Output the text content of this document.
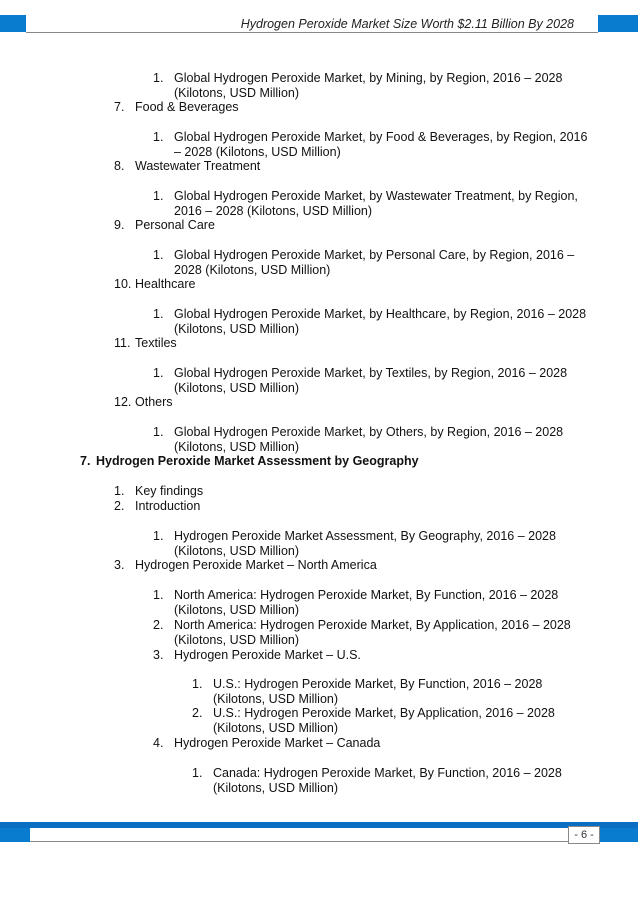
Hydrogen Peroxide Market Size Worth $2.11 Billion By 2028
1. Global Hydrogen Peroxide Market, by Mining, by Region, 2016 – 2028
(Kilotons, USD Million)
7. Food & Beverages
1. Global Hydrogen Peroxide Market, by Food & Beverages, by Region, 2016
– 2028 (Kilotons, USD Million)
8. Wastewater Treatment
1. Global Hydrogen Peroxide Market, by Wastewater Treatment, by Region,
2016 – 2028 (Kilotons, USD Million)
9. Personal Care
1. Global Hydrogen Peroxide Market, by Personal Care, by Region, 2016 –
2028 (Kilotons, USD Million)
10. Healthcare
1. Global Hydrogen Peroxide Market, by Healthcare, by Region, 2016 – 2028
(Kilotons, USD Million)
11. Textiles
1. Global Hydrogen Peroxide Market, by Textiles, by Region, 2016 – 2028
(Kilotons, USD Million)
12. Others
1. Global Hydrogen Peroxide Market, by Others, by Region, 2016 – 2028
(Kilotons, USD Million)
7. Hydrogen Peroxide Market Assessment by Geography
1. Key findings
2. Introduction
1. Hydrogen Peroxide Market Assessment, By Geography, 2016 – 2028
(Kilotons, USD Million)
3. Hydrogen Peroxide Market – North America
1. North America: Hydrogen Peroxide Market, By Function, 2016 – 2028
(Kilotons, USD Million)
2. North America: Hydrogen Peroxide Market, By Application, 2016 – 2028
(Kilotons, USD Million)
3. Hydrogen Peroxide Market – U.S.
1. U.S.: Hydrogen Peroxide Market, By Function, 2016 – 2028
(Kilotons, USD Million)
2. U.S.: Hydrogen Peroxide Market, By Application, 2016 – 2028
(Kilotons, USD Million)
4. Hydrogen Peroxide Market – Canada
1. Canada: Hydrogen Peroxide Market, By Function, 2016 – 2028
(Kilotons, USD Million)
- 6 -
